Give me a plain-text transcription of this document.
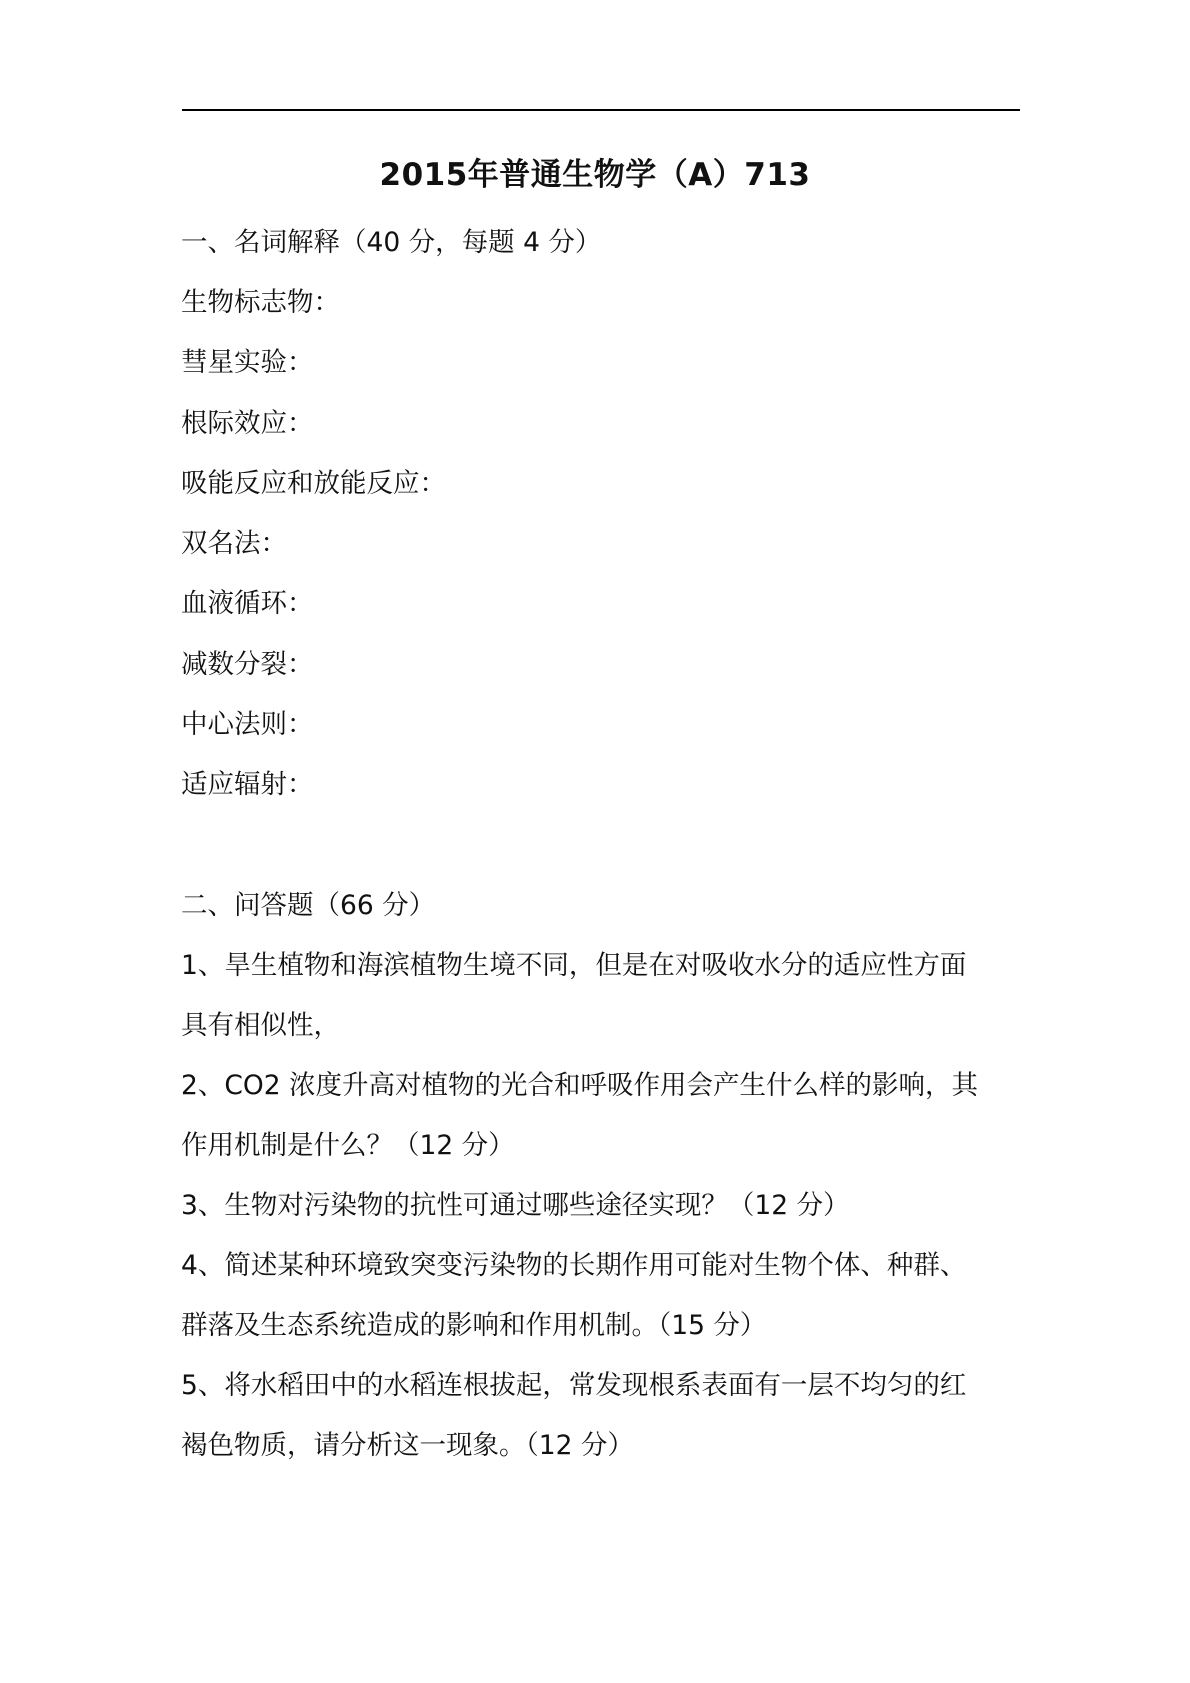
2015年普通生物学（A）713
一、名词解释（40 分，每题 4 分）
生物标志物：
彗星实验：
根际效应：
吸能反应和放能反应：
双名法：
血液循环：
减数分裂：
中心法则：
适应辐射：
二、问答题（66 分）
1、旱生植物和海滨植物生境不同，但是在对吸收水分的适应性方面
具有相似性，
2、CO2 浓度升高对植物的光合和呼吸作用会产生什么样的影响，其
作用机制是什么？（12 分）
3、生物对污染物的抗性可通过哪些途径实现？（12 分）
4、简述某种环境致突变污染物的长期作用可能对生物个体、种群、
群落及生态系统造成的影响和作用机制。（15 分）
5、将水稻田中的水稻连根拔起，常发现根系表面有一层不均匀的红
褐色物质，请分析这一现象。（12 分）
